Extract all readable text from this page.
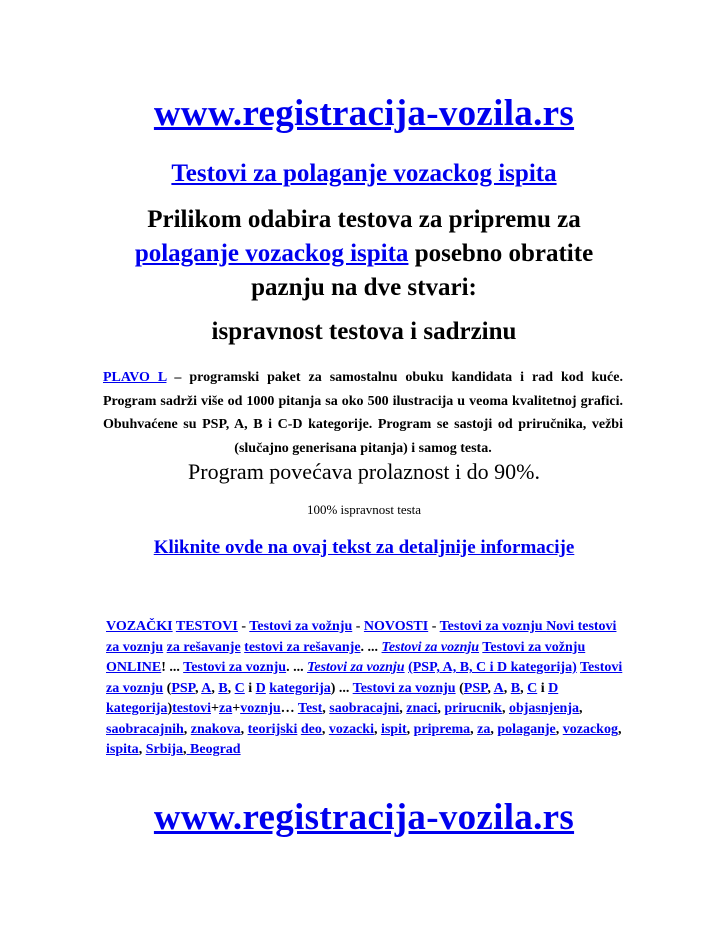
www.registracija-vozila.rs
Testovi za polaganje vozackog ispita
Prilikom odabira testova za pripremu za
polaganje vozackog ispita posebno obratite paznju na dve stvari:
ispravnost testova i sadrzinu
PLAVO L – programski paket za samostalnu obuku kandidata i rad kod kuće. Program sadrži više od 1000 pitanja sa oko 500 ilustracija u veoma kvalitetnoj grafici. Obuhvaćene su PSP, A, B i C-D kategorije. Program se sastoji od priručnika, vežbi (slučajno generisana pitanja) i samog testa.
Program povećava prolaznost i do 90%.
100% ispravnost testa
Kliknite ovde na ovaj tekst za detaljnije informacije
VOZAČKI TESTOVI - Testovi za vožnju - NOVOSTI - Testovi za voznju Novi testovi za voznju za rešavanje testovi za rešavanje. ... Testovi za voznju Testovi za vožnju ONLINE! ... Testovi za voznju. ... Testovi za voznju (PSP, A, B, C i D kategorija) Testovi za voznju (PSP, A, B, C i D kategorija) ... Testovi za voznju (PSP, A, B, C i D kategorija)testovi+za+voznju… Test, saobracajni, znaci, prirucnik, objasnjenja, saobracajnih, znakova, teorijski deo, vozacki, ispit, priprema, za, polaganje, vozackog, ispita, Srbija, Beograd
www.registracija-vozila.rs
